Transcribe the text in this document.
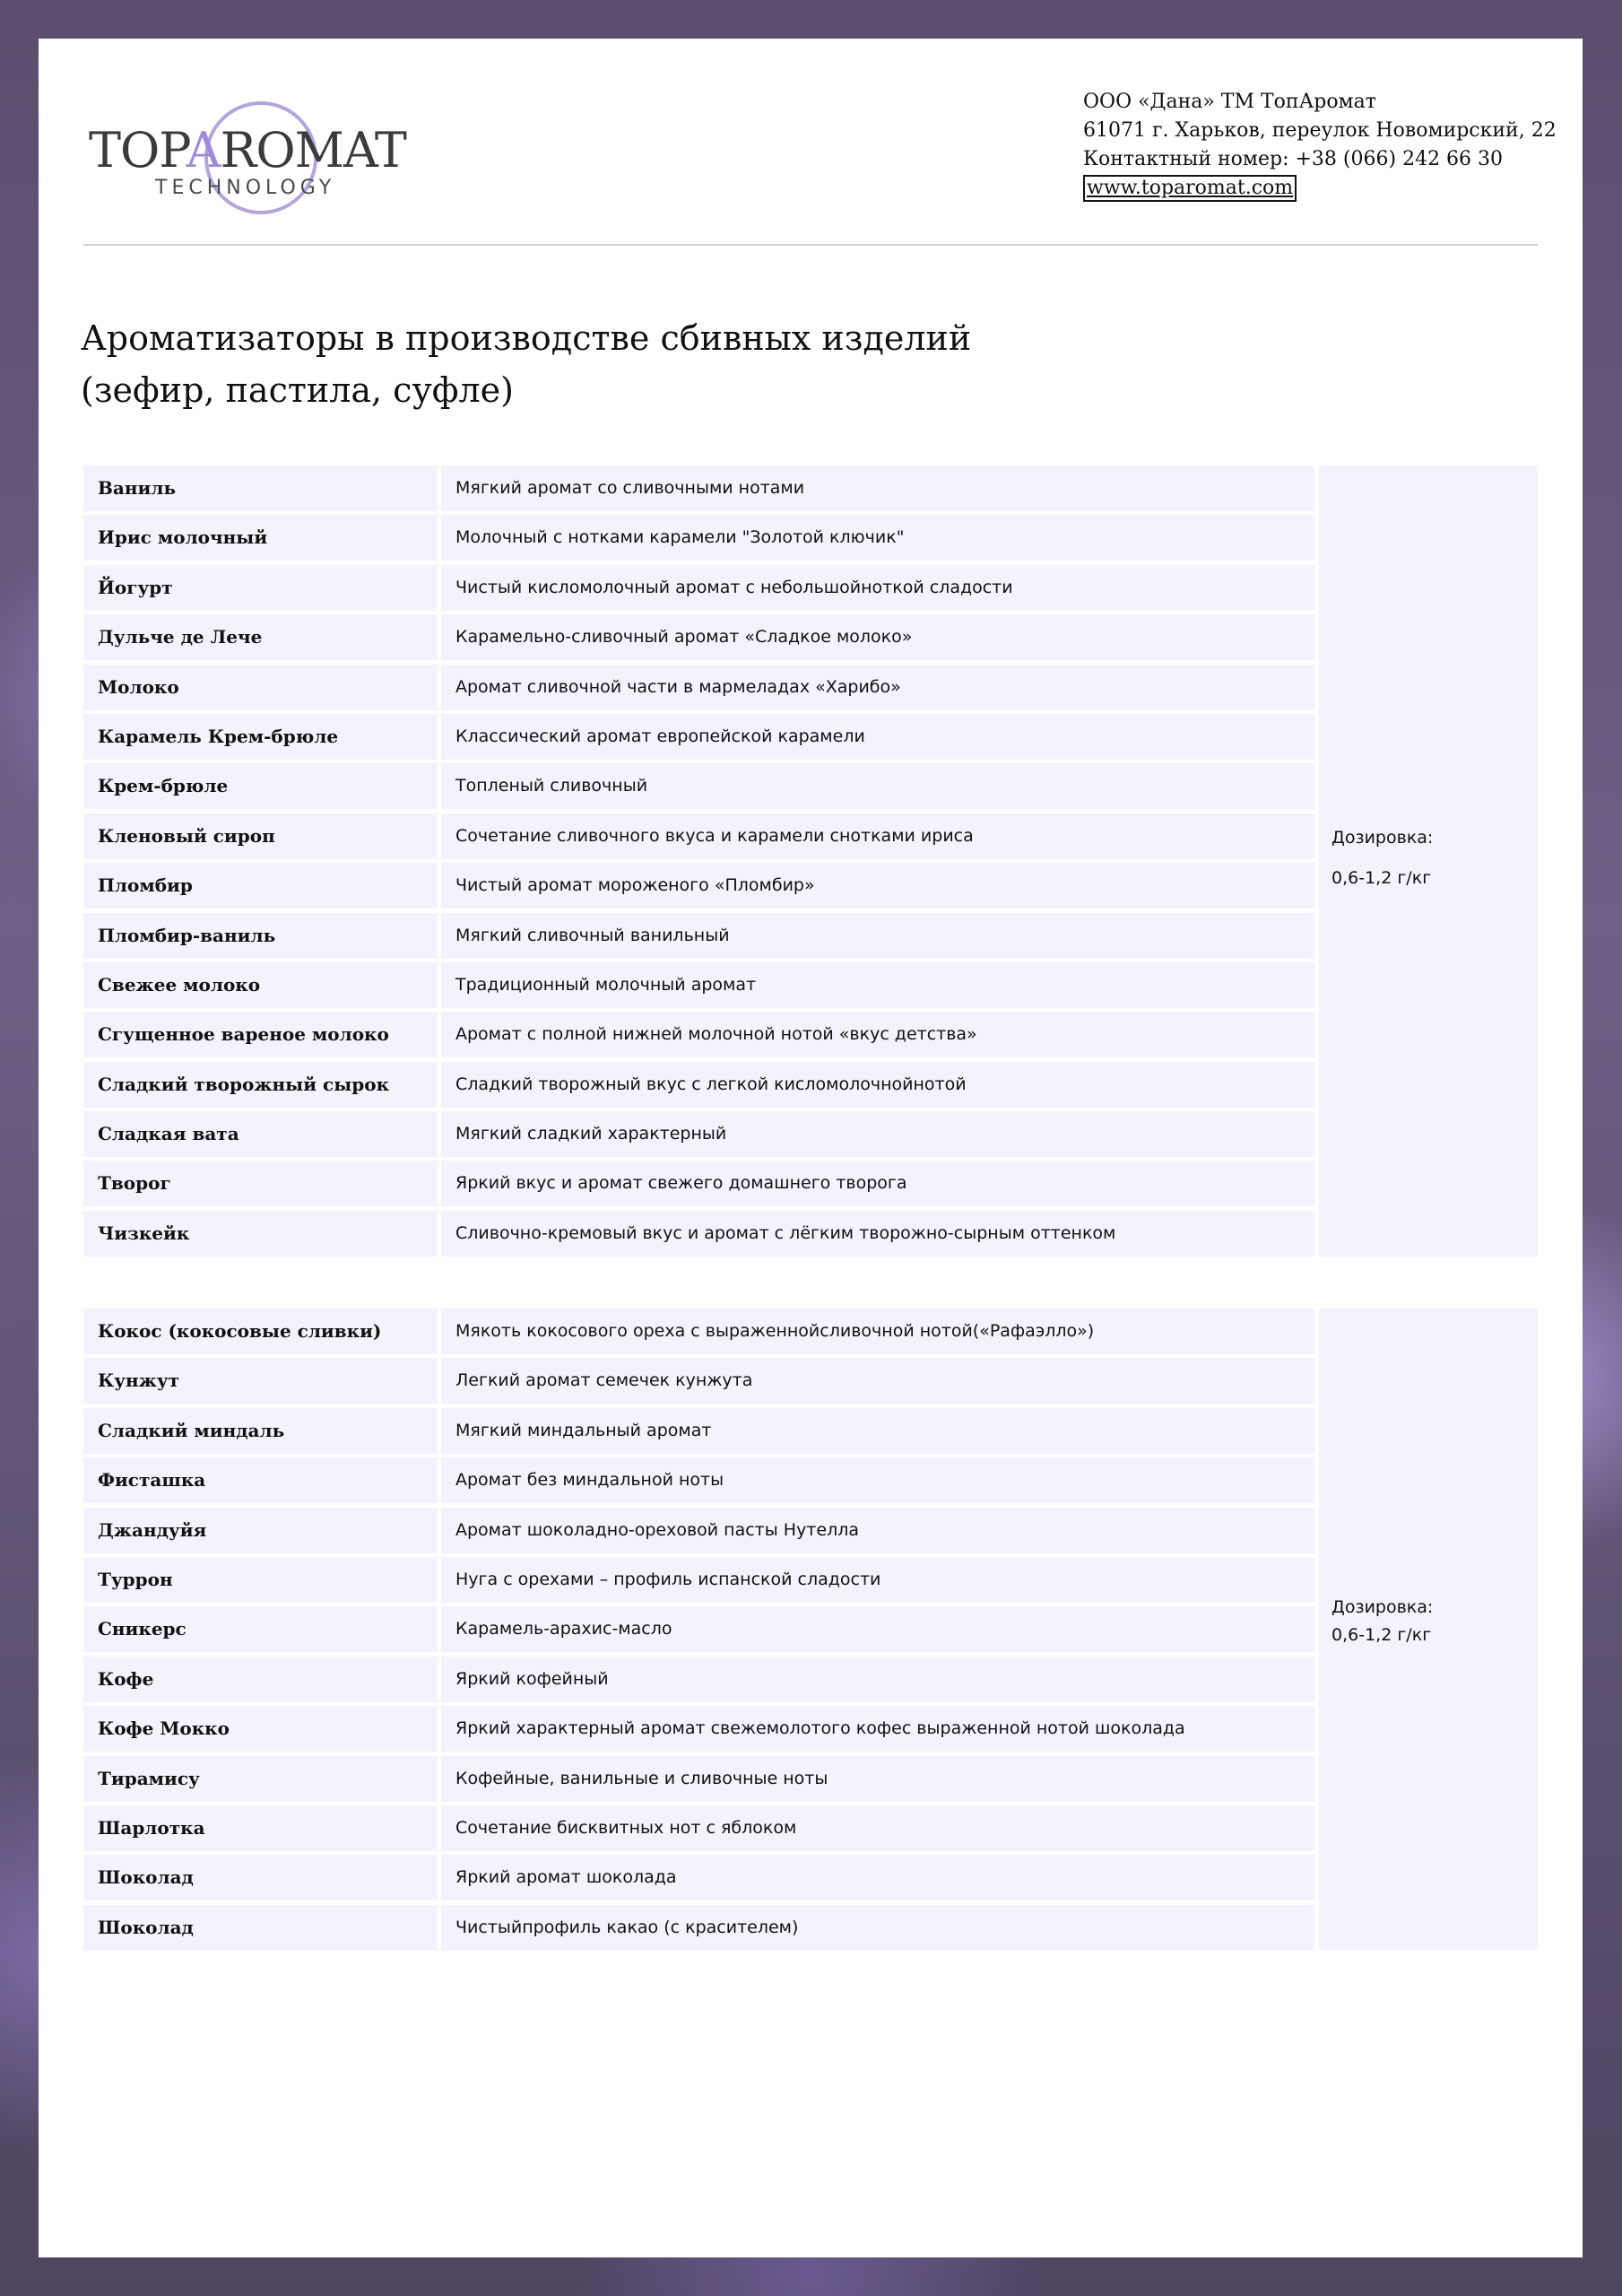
TOPAROMAT
TECHNOLOGY
ООО «Дана» ТМ ТопАромат
61071 г. Харьков, переулок Новомирский, 22
Контактный номер: +38 (066) 242 66 30
www.toparomat.com
Ароматизаторы в производстве сбивных изделий
(зефир, пастила, суфле)
Ваниль	Мягкий аромат со сливочными нотами
Ирис молочный	Молочный с нотками карамели "Золотой ключик"
Йогурт	Чистый кисломолочный аромат с небольшойноткой сладости
Дульче де Лече	Карамельно-сливочный аромат «Сладкое молоко»
Молоко	Аромат сливочной части в мармеладах «Харибо»
Карамель Крем-брюле	Классический аромат европейской карамели
Крем-брюле	Топленый сливочный
Кленовый сироп	Сочетание сливочного вкуса и карамели снотками ириса
Пломбир	Чистый аромат мороженого «Пломбир»
Пломбир-ваниль	Мягкий сливочный ванильный
Свежее молоко	Традиционный молочный аромат
Сгущенное вареное молоко	Аромат с полной нижней молочной нотой «вкус детства»
Сладкий творожный сырок	Сладкий творожный вкус с легкой кисломолочнойнотой
Сладкая вата	Мягкий сладкий характерный
Творог	Яркий вкус и аромат свежего домашнего творога
Чизкейк	Сливочно-кремовый вкус и аромат с лёгким творожно-сырным оттенком
Дозировка:
0,6-1,2 г/кг
Кокос (кокосовые сливки)	Мякоть кокосового ореха с выраженнойсливочной нотой(«Рафаэлло»)
Кунжут	Легкий аромат семечек кунжута
Сладкий миндаль	Мягкий миндальный аромат
Фисташка	Аромат без миндальной ноты
Джандуйя	Аромат шоколадно-ореховой пасты Нутелла
Туррон	Нуга с орехами – профиль испанской сладости
Сникерс	Карамель-арахис-масло
Кофе	Яркий кофейный
Кофе Мокко	Яркий характерный аромат свежемолотого кофес выраженной нотой шоколада
Тирамису	Кофейные, ванильные и сливочные ноты
Шарлотка	Сочетание бисквитных нот с яблоком
Шоколад	Яркий аромат шоколада
Шоколад	Чистыйпрофиль какао (с красителем)
Дозировка:
0,6-1,2 г/кг
